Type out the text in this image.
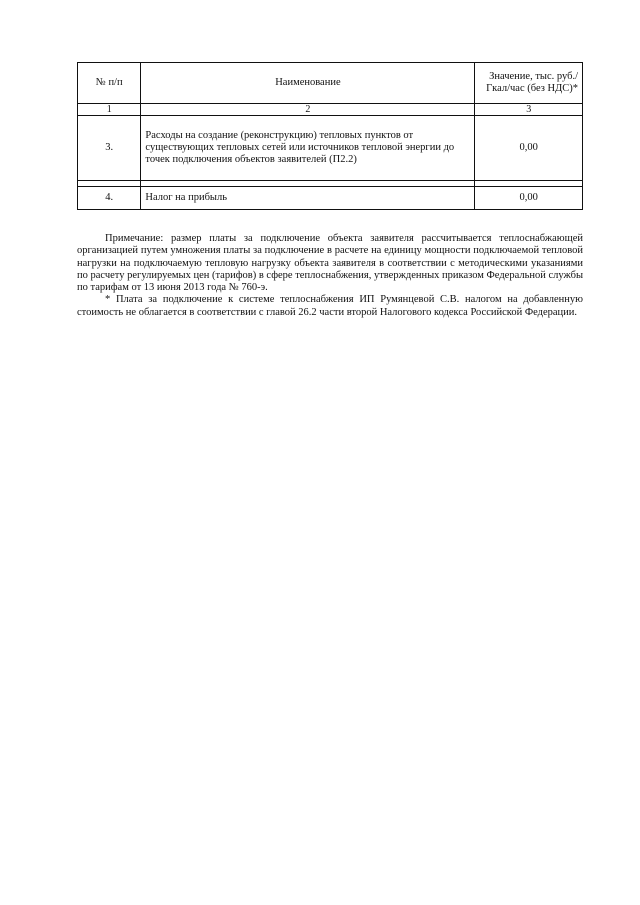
№ п/п	Наименование	Значение, тыс. руб./Гкал/час (без НДС)*
1	2	3
3.	Расходы на создание (реконструкцию) тепловых пунктов от существующих тепловых сетей или источников тепловой энергии до точек подключения объектов заявителей (П2.2)	0,00

4.	Налог на прибыль	0,00

Примечание: размер платы за подключение объекта заявителя рассчитывается теплоснабжающей организацией путем умножения платы за подключение в расчете на единицу мощности подключаемой тепловой нагрузки на подключаемую тепловую нагрузку объекта заявителя в соответствии с методическими указаниями по расчету регулируемых цен (тарифов) в сфере теплоснабжения, утвержденных приказом Федеральной службы по тарифам от 13 июня 2013 года № 760-э.

* Плата за подключение к системе теплоснабжения ИП Румянцевой С.В. налогом на добавленную стоимость не облагается в соответствии с главой 26.2 части второй Налогового кодекса Российской Федерации.
